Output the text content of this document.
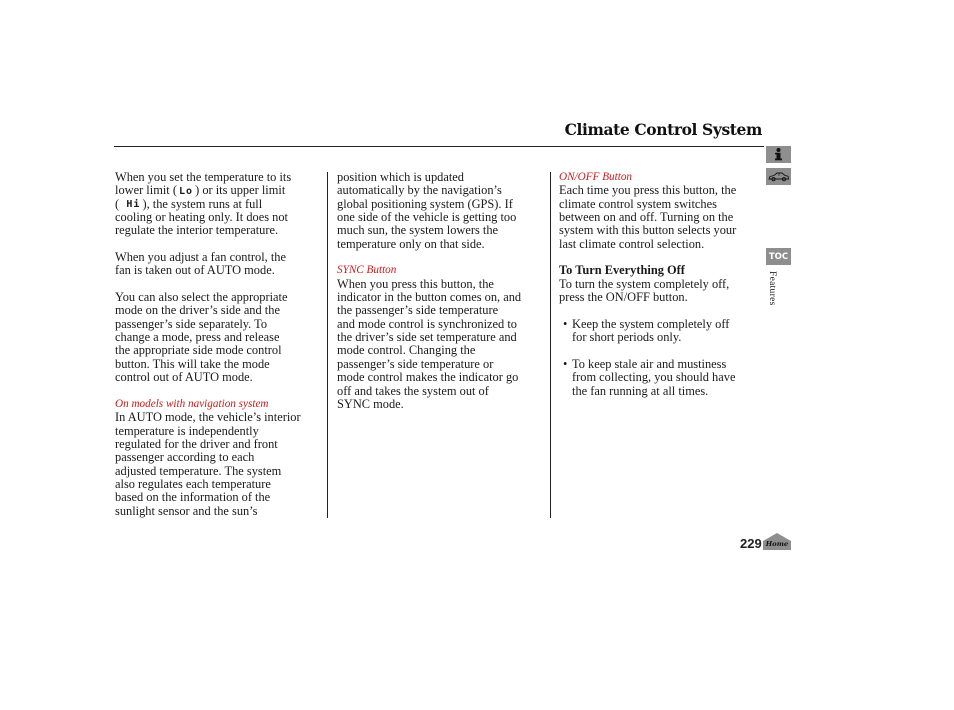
Climate Control System

When you set the temperature to its
lower limit (  Lo  ) or its upper limit
(  Hi  ), the system runs at full
cooling or heating only. It does not
regulate the interior temperature.

When you adjust a fan control, the
fan is taken out of AUTO mode.

You can also select the appropriate
mode on the driver’s side and the
passenger’s side separately. To
change a mode, press and release
the appropriate side mode control
button. This will take the mode
control out of AUTO mode.

On models with navigation system

In AUTO mode, the vehicle’s interior
temperature is independently
regulated for the driver and front
passenger according to each
adjusted temperature. The system
also regulates each temperature
based on the information of the
sunlight sensor and the sun’s

position which is updated
automatically by the navigation’s
global positioning system (GPS). If
one side of the vehicle is getting too
much sun, the system lowers the
temperature only on that side.

SYNC Button

When you press this button, the
indicator in the button comes on, and
the passenger’s side temperature
and mode control is synchronized to
the driver’s side set temperature and
mode control. Changing the
passenger’s side temperature or
mode control makes the indicator go
off and takes the system out of
SYNC mode.

ON/OFF Button

Each time you press this button, the
climate control system switches
between on and off. Turning on the
system with this button selects your
last climate control selection.

To Turn Everything Off

To turn the system completely off,
press the ON/OFF button.

• Keep the system completely off
for short periods only.
• To keep stale air and mustiness
from collecting, you should have
the fan running at all times.
TOC
Features
229 Home
